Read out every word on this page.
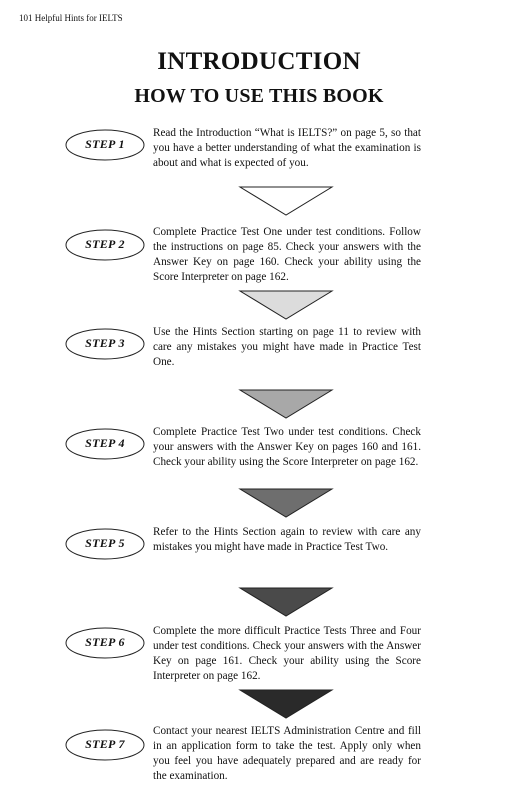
101 Helpful Hints for IELTS
INTRODUCTION
HOW TO USE THIS BOOK
STEP 1
Read the Introduction “What is IELTS?” on page 5, so that you have a better understanding of what the examination is about and what is expected of you.
STEP 2
Complete Practice Test One under test conditions. Follow the instructions on page 85. Check your answers with the Answer Key on page 160. Check your ability using the Score Interpreter on page 162.
STEP 3
Use the Hints Section starting on page 11 to review with care any mistakes you might have made in Practice Test One.
STEP 4
Complete Practice Test Two under test conditions. Check your answers with the Answer Key on pages 160 and 161. Check your ability using the Score Interpreter on page 162.
STEP 5
Refer to the Hints Section again to review with care any mistakes you might have made in Practice Test Two.
STEP 6
Complete the more difficult Practice Tests Three and Four under test conditions. Check your answers with the Answer Key on page 161. Check your ability using the Score Interpreter on page 162.
STEP 7
Contact your nearest IELTS Administration Centre and fill in an application form to take the test. Apply only when you feel you have adequately prepared and are ready for the examination.
